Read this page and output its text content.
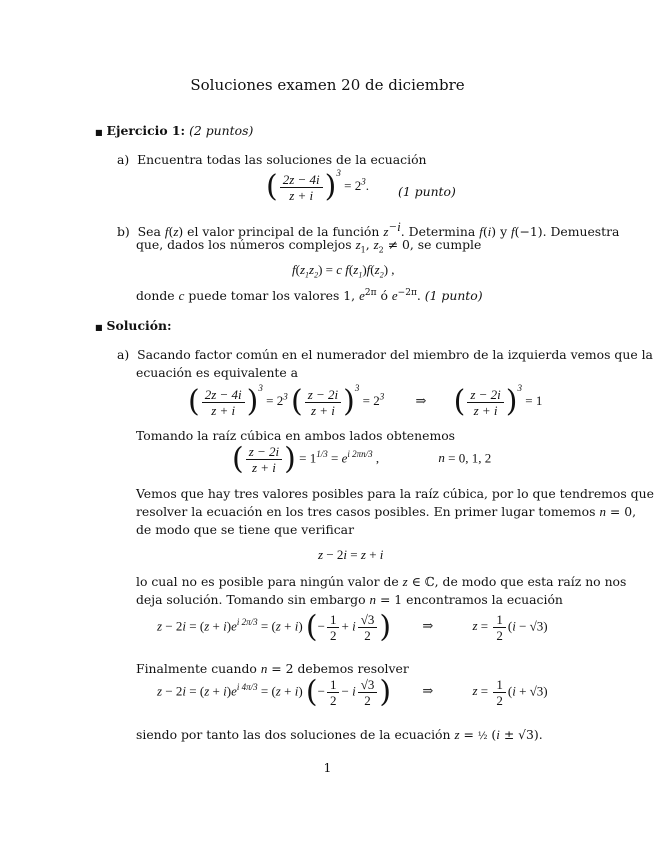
Soluciones examen 20 de diciembre
■ Ejercicio 1: (2 puntos)
a) Encuentra todas las soluciones de la ecuación
( $\frac{2z - 4i}{z + i} )^3 = 2^3$. (1 punto)
b) Sea f(z) el valor principal de la función $z^{-i}$. Determina f(i) y f(−1). Demuestra
que, dados los números complejos $z_1$, $z_2 \ne 0$, se cumple
$f(z_1z_2) = c$ $f(z_1)f(z_2)$ ,
donde c puede tomar los valores 1, $e^{2\pi}$ ó $e^{-2\pi}$. (1 punto)
■ Solución:
a) Sacando factor común en el numerador del miembro de la izquierda vemos que la
ecuación es equivalente a
( $\frac{2z - 4i}{z + i} )^3 = 2^3$ ( $\frac{z - 2i}{z + i} )^3 = 2^3$ ⇒ ( $\frac{z - 2i}{z + i} )^3 = 1$
Tomando la raíz cúbica en ambos lados obtenemos
( $\frac{z - 2i}{z + i}$ ) = $1^{1/3} = e^{i 2\pi n/3}$ ,	n = 0, 1, 2
Vemos que hay tres valores posibles para la raíz cúbica, por lo que tendremos que
resolver la ecuación en los tres casos posibles. En primer lugar tomemos n = 0,
de modo que se tiene que verificar
z − 2i = z + i
lo cual no es posible para ningún valor de z ∈ ℂ, de modo que esta raíz no nos
deja solución. Tomando sin embargo n = 1 encontramos la ecuación
$z - 2i = (z + i)e^{i 2\pi/3} = (z + i)$ (− $\frac{1}{2} + i \frac{√3}{2}$ ) ⇒	$z = \frac{1}{2} (i - √3)$
Finalmente cuando n = 2 debemos resolver
$z - 2i = (z + i)e^{i 4\pi/3} = (z + i)$ (− $\frac{1}{2} - i \frac{√3}{2}$ ) ⇒	$z = \frac{1}{2} (i + √3)$
siendo por tanto las dos soluciones de la ecuación z = ½ (i ± √3).
1
